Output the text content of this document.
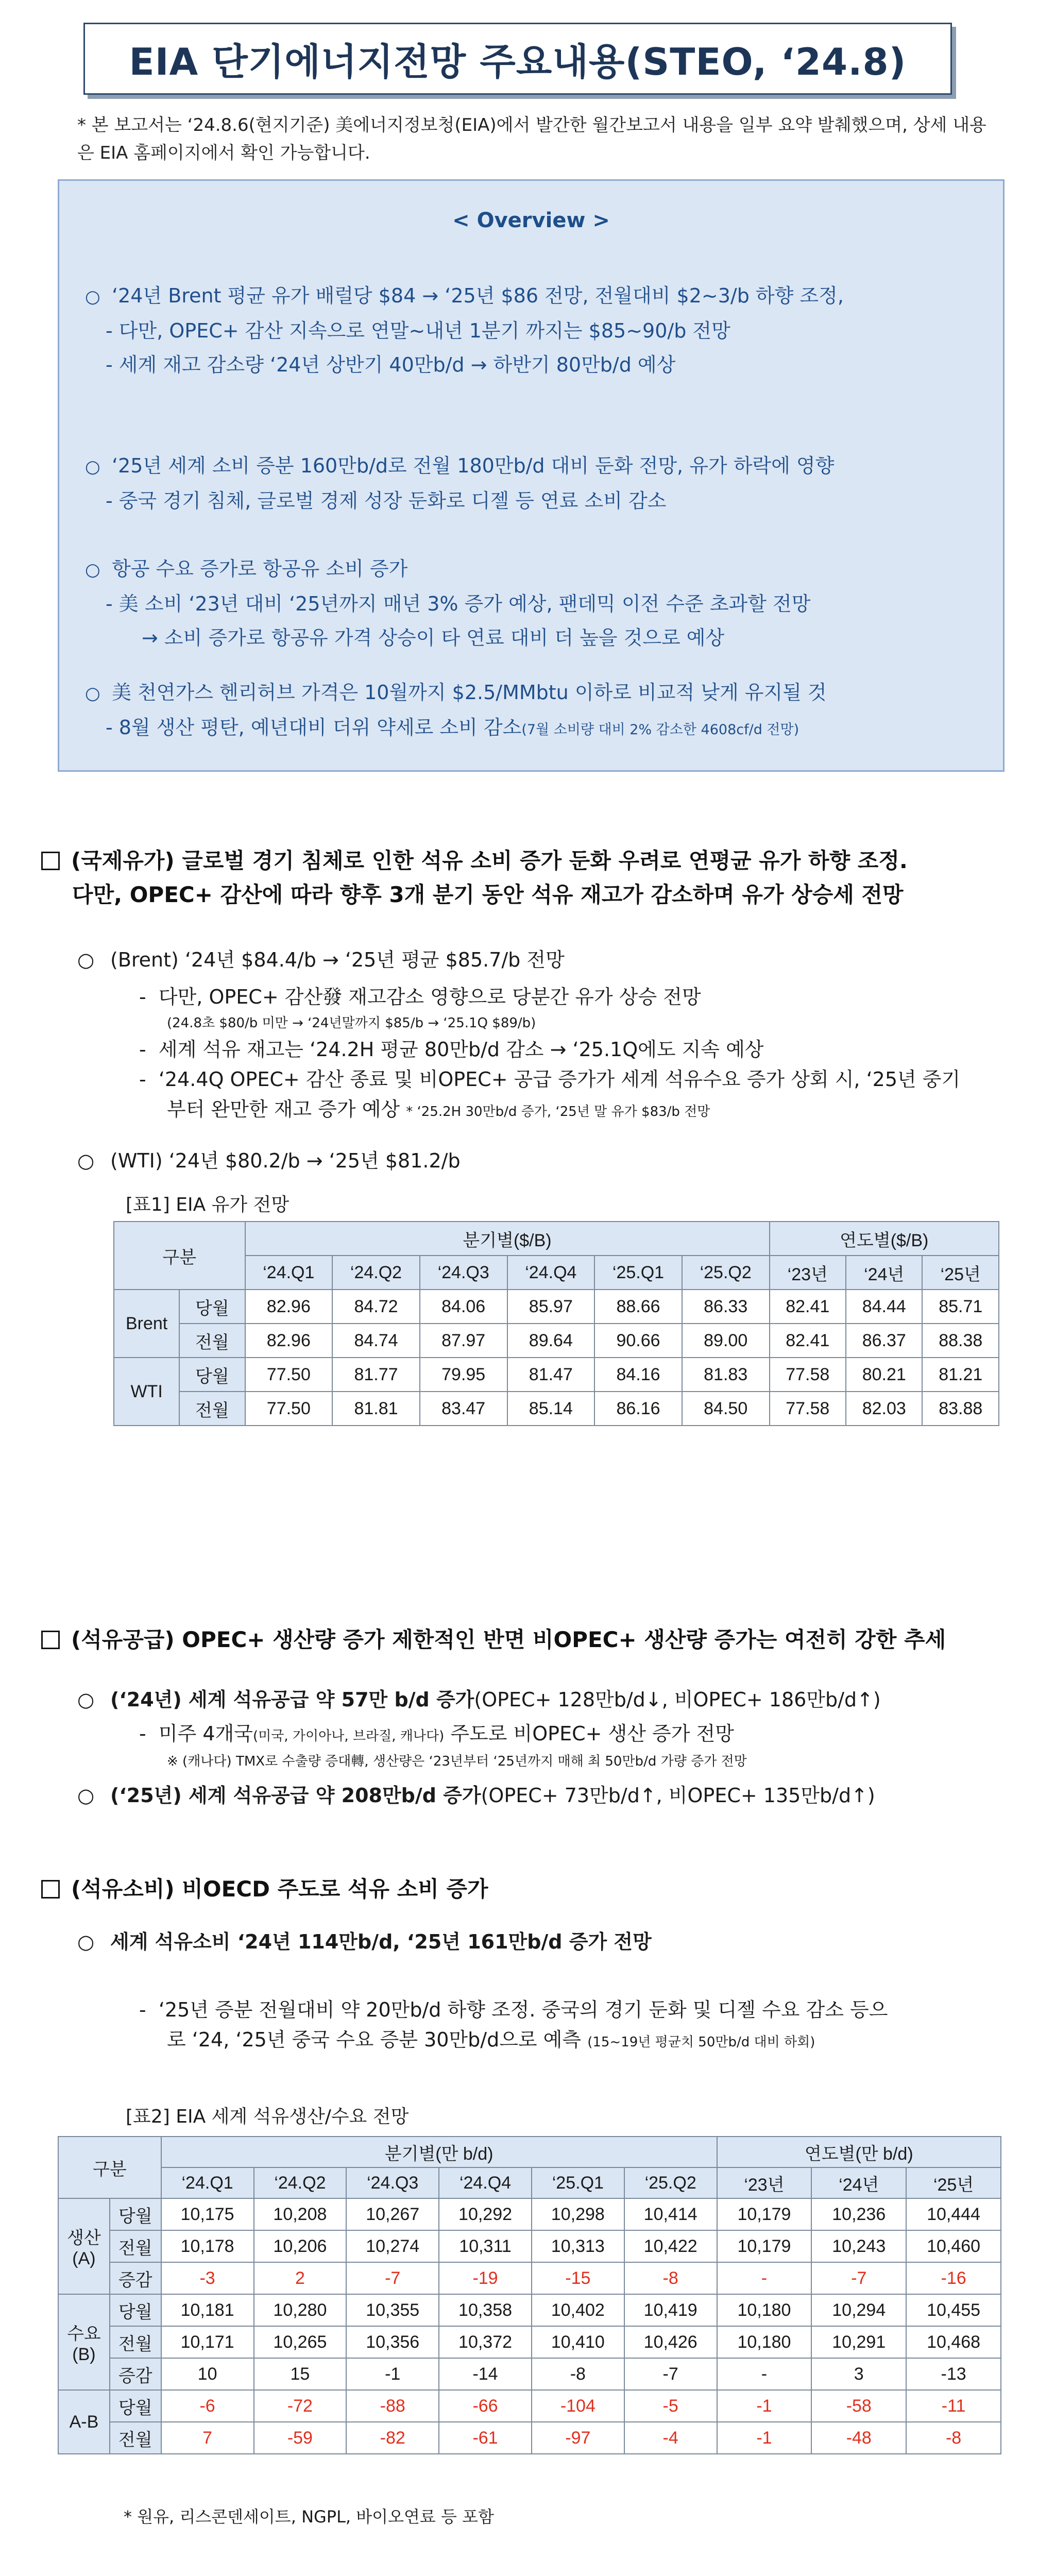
EIA 단기에너지전망 주요내용(STEO, ‘24.8)
* 본 보고서는 ‘24.8.6(현지기준) 美에너지정보청(EIA)에서 발간한 월간보고서 내용을 일부 요약 발췌했으며, 상세 내용은 EIA 홈페이지에서 확인 가능합니다.
< Overview >
○ ‘24년 Brent 평균 유가 배럴당 $84 → ‘25년 $86 전망, 전월대비 $2~3/b 하향 조정,
- 다만, OPEC+ 감산 지속으로 연말~내년 1분기 까지는 $85~90/b 전망
- 세계 재고 감소량 ‘24년 상반기 40만b/d → 하반기 80만b/d 예상
○ ‘25년 세계 소비 증분 160만b/d로 전월 180만b/d 대비 둔화 전망, 유가 하락에 영향
- 중국 경기 침체, 글로벌 경제 성장 둔화로 디젤 등 연료 소비 감소
○ 항공 수요 증가로 항공유 소비 증가
- 美 소비 ‘23년 대비 ‘25년까지 매년 3% 증가 예상, 팬데믹 이전 수준 초과할 전망
→ 소비 증가로 항공유 가격 상승이 타 연료 대비 더 높을 것으로 예상
○ 美 천연가스 헨리허브 가격은 10월까지 $2.5/MMbtu 이하로 비교적 낮게 유지될 것
- 8월 생산 평탄, 예년대비 더위 약세로 소비 감소(7월 소비량 대비 2% 감소한 4608cf/d 전망)
(국제유가) 글로벌 경기 침체로 인한 석유 소비 증가 둔화 우려로 연평균 유가 하향 조정.
다만, OPEC+ 감산에 따라 향후 3개 분기 동안 석유 재고가 감소하며 유가 상승세 전망
○ (Brent) ‘24년 $84.4/b → ‘25년 평균 $85.7/b 전망
-  다만, OPEC+ 감산發 재고감소 영향으로 당분간 유가 상승 전망
(24.8초 $80/b 미만 → ‘24년말까지 $85/b → ‘25.1Q $89/b)
-  세계 석유 재고는 ‘24.2H 평균 80만b/d 감소 → ‘25.1Q에도 지속 예상
-  ‘24.4Q OPEC+ 감산 종료 및 비OPEC+ 공급 증가가 세계 석유수요 증가 상회 시, ‘25년 중기
부터 완만한 재고 증가 예상 * ‘25.2H 30만b/d 증가, ‘25년 말 유가 $83/b 전망
○ (WTI) ‘24년 $80.2/b → ‘25년 $81.2/b
[표1] EIA 유가 전망
구분		분기별($/B)						연도별($/B)		
		‘24.Q1	‘24.Q2	‘24.Q3	‘24.Q4	‘25.Q1	‘25.Q2	‘23년	‘24년	‘25년
Brent	당월	82.96	84.72	84.06	85.97	88.66	86.33	82.41	84.44	85.71
	전월	82.96	84.74	87.97	89.64	90.66	89.00	82.41	86.37	88.38
WTI	당월	77.50	81.77	79.95	81.47	84.16	81.83	77.58	80.21	81.21
	전월	77.50	81.81	83.47	85.14	86.16	84.50	77.58	82.03	83.88
(석유공급) OPEC+ 생산량 증가 제한적인 반면 비OPEC+ 생산량 증가는 여전히 강한 추세
○ (‘24년) 세계 석유공급 약 57만 b/d 증가(OPEC+ 128만b/d↓, 비OPEC+ 186만b/d↑)
-  미주 4개국(미국, 가이아나, 브라질, 캐나다) 주도로 비OPEC+ 생산 증가 전망
※ (캐나다) TMX로 수출량 증대轉, 생산량은 ‘23년부터 ‘25년까지 매해 최 50만b/d 가량 증가 전망
○ (‘25년) 세계 석유공급 약 208만b/d 증가(OPEC+ 73만b/d↑, 비OPEC+ 135만b/d↑)
(석유소비) 비OECD 주도로 석유 소비 증가
○ 세계 석유소비 ‘24년 114만b/d, ‘25년 161만b/d 증가 전망
-  ‘25년 증분 전월대비 약 20만b/d 하향 조정. 중국의 경기 둔화 및 디젤 수요 감소 등으
로 ‘24, ‘25년 중국 수요 증분 30만b/d으로 예측 (15~19년 평균치 50만b/d 대비 하회)
[표2] EIA 세계 석유생산/수요 전망
구분		분기별(만 b/d)						연도별(만 b/d)		
		‘24.Q1	‘24.Q2	‘24.Q3	‘24.Q4	‘25.Q1	‘25.Q2	‘23년	‘24년	‘25년
생산 (A)	당월	10,175	10,208	10,267	10,292	10,298	10,414	10,179	10,236	10,444
	전월	10,178	10,206	10,274	10,311	10,313	10,422	10,179	10,243	10,460
	증감	-3	2	-7	-19	-15	-8	-	-7	-16
수요 (B)	당월	10,181	10,280	10,355	10,358	10,402	10,419	10,180	10,294	10,455
	전월	10,171	10,265	10,356	10,372	10,410	10,426	10,180	10,291	10,468
	증감	10	15	-1	-14	-8	-7	-	3	-13
A-B	당월	-6	-72	-88	-66	-104	-5	-1	-58	-11
	전월	7	-59	-82	-61	-97	-4	-1	-48	-8
* 원유, 리스콘덴세이트, NGPL, 바이오연료 등 포함
